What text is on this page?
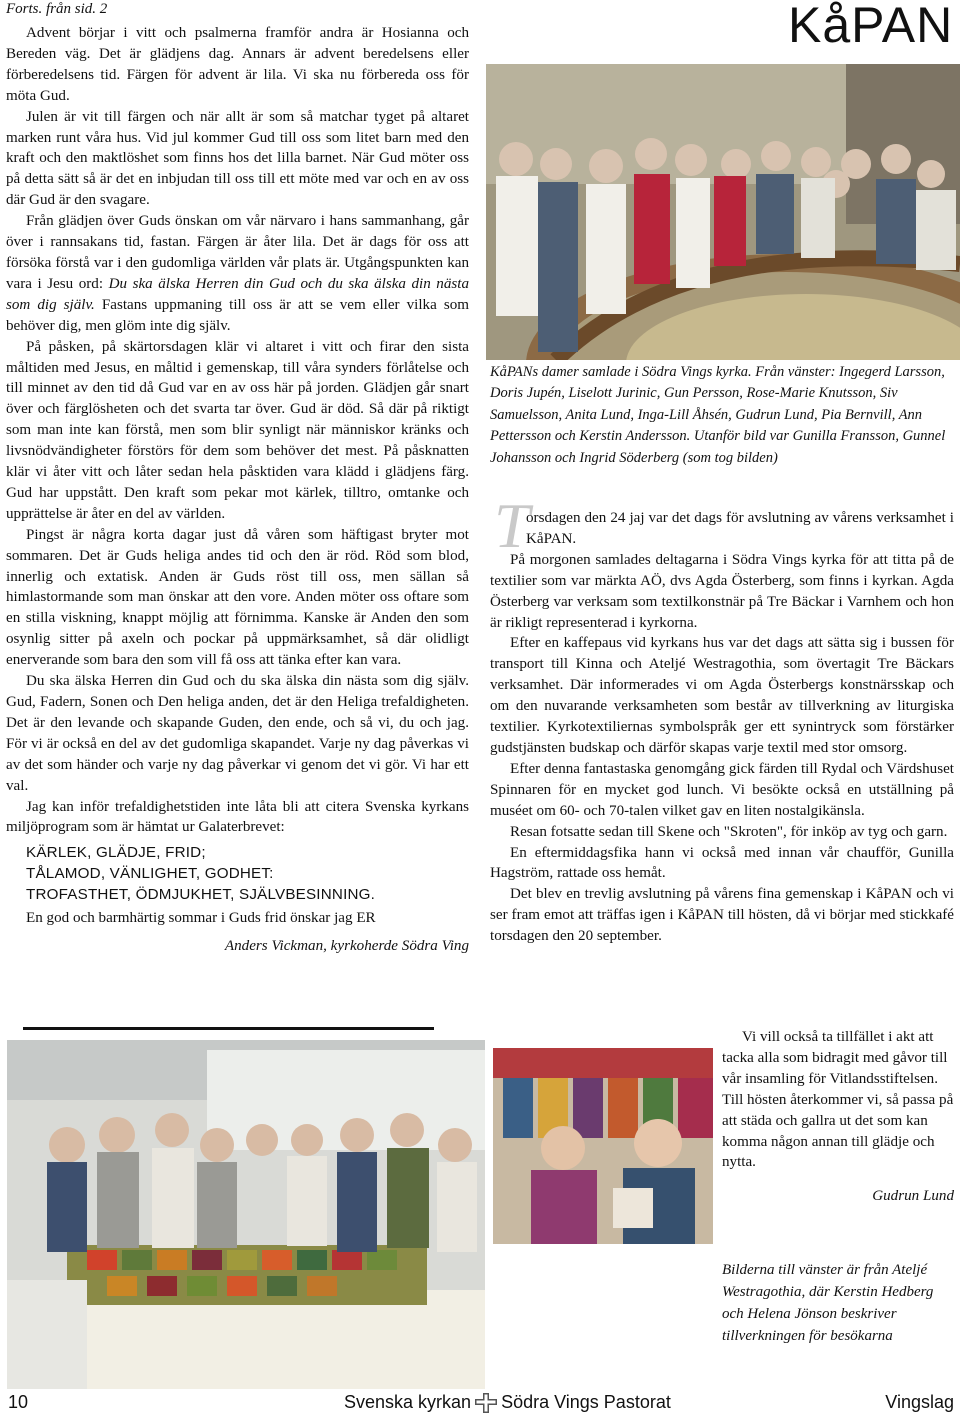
Forts. från sid. 2	KåPAN

Advent börjar i vitt och psalmerna framför andra är Hosianna och Bereden väg. Det är glädjens dag. Annars är advent beredelsens eller förberedelsens tid. Färgen för advent är lila. Vi ska nu förbereda oss för möta Gud.

Julen är vit till färgen och när allt är som så matchar tyget på altaret marken runt våra hus. Vid jul kommer Gud till oss som litet barn med den kraft och den maktlöshet som finns hos det lilla barnet. När Gud möter oss på detta sätt så är det en inbjudan till oss till ett möte med var och en av oss där Gud är den svagare.

Från glädjen över Guds önskan om vår närvaro i hans sammanhang, går över i rannsakans tid, fastan. Färgen är åter lila. Det är dags för oss att försöka förstå var i den gudomliga världen vår plats är. Utgångspunkten kan vara i Jesu ord: Du ska älska Herren din Gud och du ska älska din nästa som dig själv. Fastans uppmaning till oss är att se vem eller vilka som behöver dig, men glöm inte dig själv.

På påsken, på skärtorsdagen klär vi altaret i vitt och firar den sista måltiden med Jesus, en måltid i gemenskap, till våra synders förlåtelse och till minnet av den tid då Gud var en av oss här på jorden. Glädjen går snart över och färglösheten och det svarta tar över. Gud är död. Så där på riktigt som man inte kan förstå, men som blir synligt när människor kränks och livsnödvändigheter förstörs för dem som behöver det mest. På påsknatten klär vi åter vitt och låter sedan hela påsktiden vara klädd i glädjens färg. Gud har uppstått. Den kraft som pekar mot kärlek, tilltro, omtanke och upprättelse är åter en del av världen.

Pingst är några korta dagar just då våren som häftigast bryter mot sommaren. Det är Guds heliga andes tid och den är röd. Röd som blod, innerlig och extatisk. Anden är Guds röst till oss, men sällan så himlastormande som man önskar att den vore. Anden möter oss oftare som en stilla viskning, knappt möjlig att förnimma. Kanske är Anden den som osynlig sitter på axeln och pockar på uppmärksamhet, så där olidligt enerverande som bara den som vill få oss att tänka efter kan vara.

Du ska älska Herren din Gud och du ska älska din nästa som dig själv. Gud, Fadern, Sonen och Den heliga anden, det är den Heliga trefaldigheten. Det är den levande och skapande Guden, den ende, och så vi, du och jag. För vi är också en del av det gudomliga skapandet. Varje ny dag påverkas vi av det som händer och varje ny dag påverkar vi genom det vi gör. Vi har ett val.

Jag kan inför trefaldighetstiden inte låta bli att citera Svenska kyrkans miljöprogram som är hämtat ur Galaterbrevet:

KÄRLEK, GLÄDJE, FRID;

TÅLAMOD, VÄNLIGHET, GODHET:

TROFASTHET, ÖDMJUKHET, SJÄLVBESINNING.

En god och barmhärtig sommar i Guds frid önskar jag ER

Anders Vickman, kyrkoherde Södra Ving

KåPANs damer samlade i Södra Vings kyrka. Från vänster: Ingegerd Larsson, Doris Jupén, Liselott Jurinic, Gun Persson, Rose-Marie Knutsson, Siv Samuelsson, Anita Lund, Inga-Lill Åhsén, Gudrun Lund, Pia Bernvill, Ann Pettersson och Kerstin Andersson. Utanför bild var Gunilla Fransson, Gunnel Johansson och Ingrid Söderberg (som tog bilden)

T

orsdagen den 24 jaj var det dags för avslutning av vårens verksamhet i KåPAN.

På morgonen samlades deltagarna i Södra Vings kyrka för att titta på de textilier som var märkta AÖ, dvs Agda Österberg, som finns i kyrkan. Agda Österberg var verksam som textilkonstnär på Tre Bäckar i Varnhem och hon är rikligt representerad i kyrkorna.

Efter en kaffepaus vid kyrkans hus var det dags att sätta sig i bussen för transport till Kinna och Ateljé Westragothia, som övertagit Tre Bäckars verksamhet. Där informerades vi om Agda Österbergs konstnärsskap och om den nuvarande verksamheten som består av tillverkning av liturgiska textilier. Kyrkotextiliernas symbolspråk ger ett synintryck som förstärker gudstjänsten budskap och därför skapas varje textil med stor omsorg.

Efter denna fantastaska genomgång gick färden till Rydal och Värdshuset Spinnaren för en mycket god lunch. Vi besökte också en utställning på muséet om 60- och 70-talen vilket gav en liten nostalgikänsla.

Resan fotsatte sedan till Skene och "Skroten", för inköp av tyg och garn.

En eftermiddagsfika hann vi också med innan vår chaufför, Gunilla Hagström, rattade oss hemåt.

Det blev en trevlig avslutning på vårens fina gemenskap i KåPAN och vi ser fram emot att träffas igen i KåPAN till hösten, då vi börjar med stickkafé torsdagen den 20 september.

Vi vill också ta tillfället i akt att tacka alla som bidragit med gåvor till vår insamling för Vitlandsstiftelsen. Till hösten återkommer vi, så passa på att städa och gallra ut det som kan komma någon annan till glädje och nytta.

Gudrun Lund

Bilderna till vänster är från Ateljé Westragothia, där Kerstin Hedberg och Helena Jönson beskriver tillverkningen för besökarna

10	Svenska kyrkan Södra Vings Pastorat	Vingslag
